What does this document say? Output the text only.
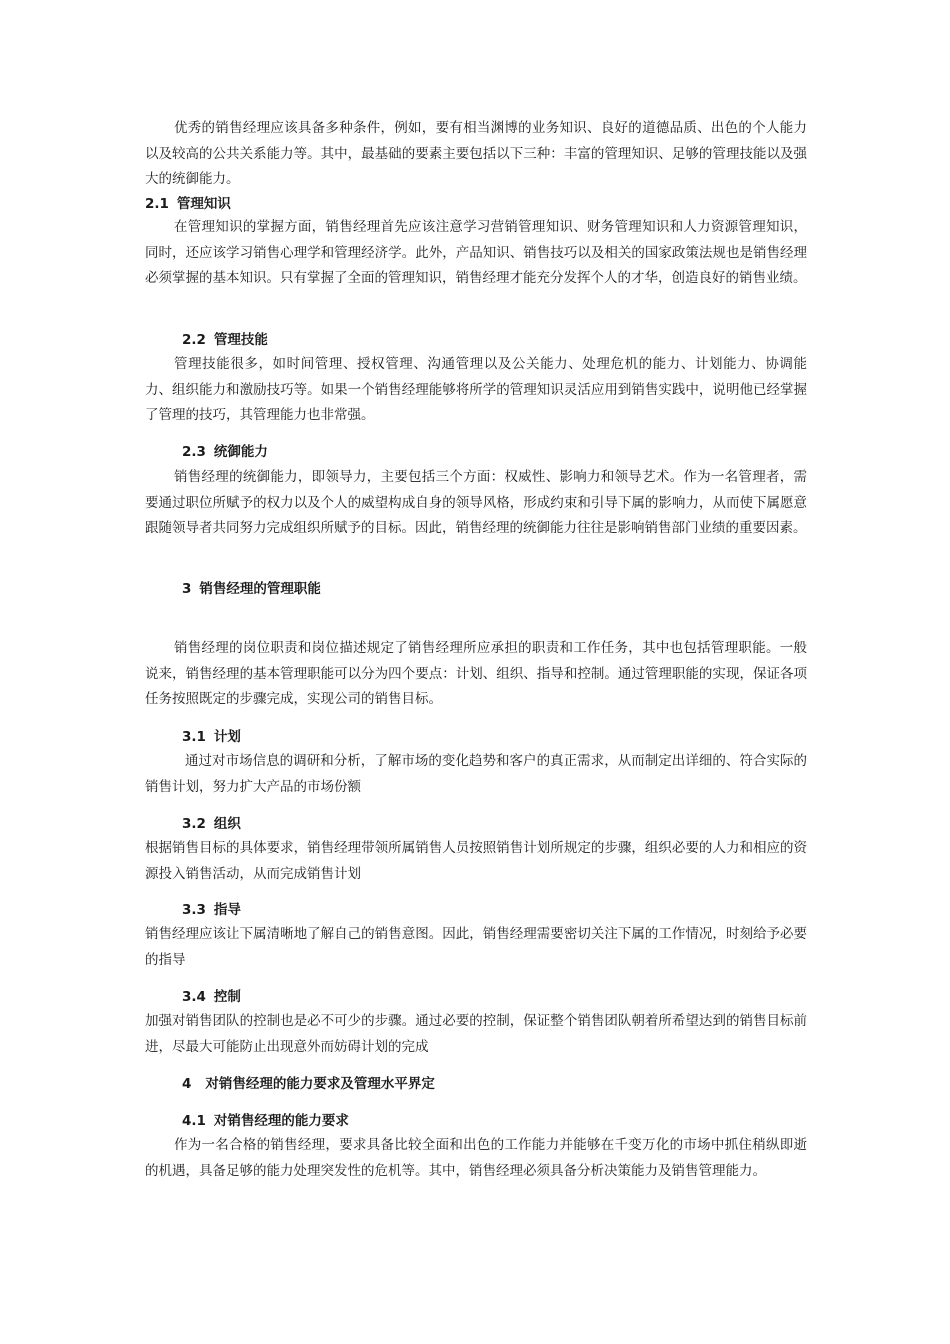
优秀的销售经理应该具备多种条件，例如，要有相当渊博的业务知识、良好的道德品质、出色的个人能力以及较高的公共关系能力等。其中，最基础的要素主要包括以下三种：丰富的管理知识、足够的管理技能以及强大的统御能力。

2.1 管理知识

在管理知识的掌握方面，销售经理首先应该注意学习营销管理知识、财务管理知识和人力资源管理知识，同时，还应该学习销售心理学和管理经济学。此外，产品知识、销售技巧以及相关的国家政策法规也是销售经理必须掌握的基本知识。只有掌握了全面的管理知识，销售经理才能充分发挥个人的才华，创造良好的销售业绩。

2.2 管理技能

管理技能很多，如时间管理、授权管理、沟通管理以及公关能力、处理危机的能力、计划能力、协调能力、组织能力和激励技巧等。如果一个销售经理能够将所学的管理知识灵活应用到销售实践中，说明他已经掌握了管理的技巧，其管理能力也非常强。

2.3 统御能力

销售经理的统御能力，即领导力，主要包括三个方面：权威性、影响力和领导艺术。作为一名管理者，需要通过职位所赋予的权力以及个人的威望构成自身的领导风格，形成约束和引导下属的影响力，从而使下属愿意跟随领导者共同努力完成组织所赋予的目标。因此，销售经理的统御能力往往是影响销售部门业绩的重要因素。

3 销售经理的管理职能

销售经理的岗位职责和岗位描述规定了销售经理所应承担的职责和工作任务，其中也包括管理职能。一般说来，销售经理的基本管理职能可以分为四个要点：计划、组织、指导和控制。通过管理职能的实现，保证各项任务按照既定的步骤完成，实现公司的销售目标。

3.1 计划

通过对市场信息的调研和分析，了解市场的变化趋势和客户的真正需求，从而制定出详细的、符合实际的销售计划，努力扩大产品的市场份额

3.2 组织

根据销售目标的具体要求，销售经理带领所属销售人员按照销售计划所规定的步骤，组织必要的人力和相应的资源投入销售活动，从而完成销售计划

3.3 指导

销售经理应该让下属清晰地了解自己的销售意图。因此，销售经理需要密切关注下属的工作情况，时刻给予必要的指导

3.4 控制

加强对销售团队的控制也是必不可少的步骤。通过必要的控制，保证整个销售团队朝着所希望达到的销售目标前进，尽最大可能防止出现意外而妨碍计划的完成

4 对销售经理的能力要求及管理水平界定
4.1 对销售经理的能力要求

作为一名合格的销售经理，要求具备比较全面和出色的工作能力并能够在千变万化的市场中抓住稍纵即逝的机遇，具备足够的能力处理突发性的危机等。其中，销售经理必须具备分析决策能力及销售管理能力。
